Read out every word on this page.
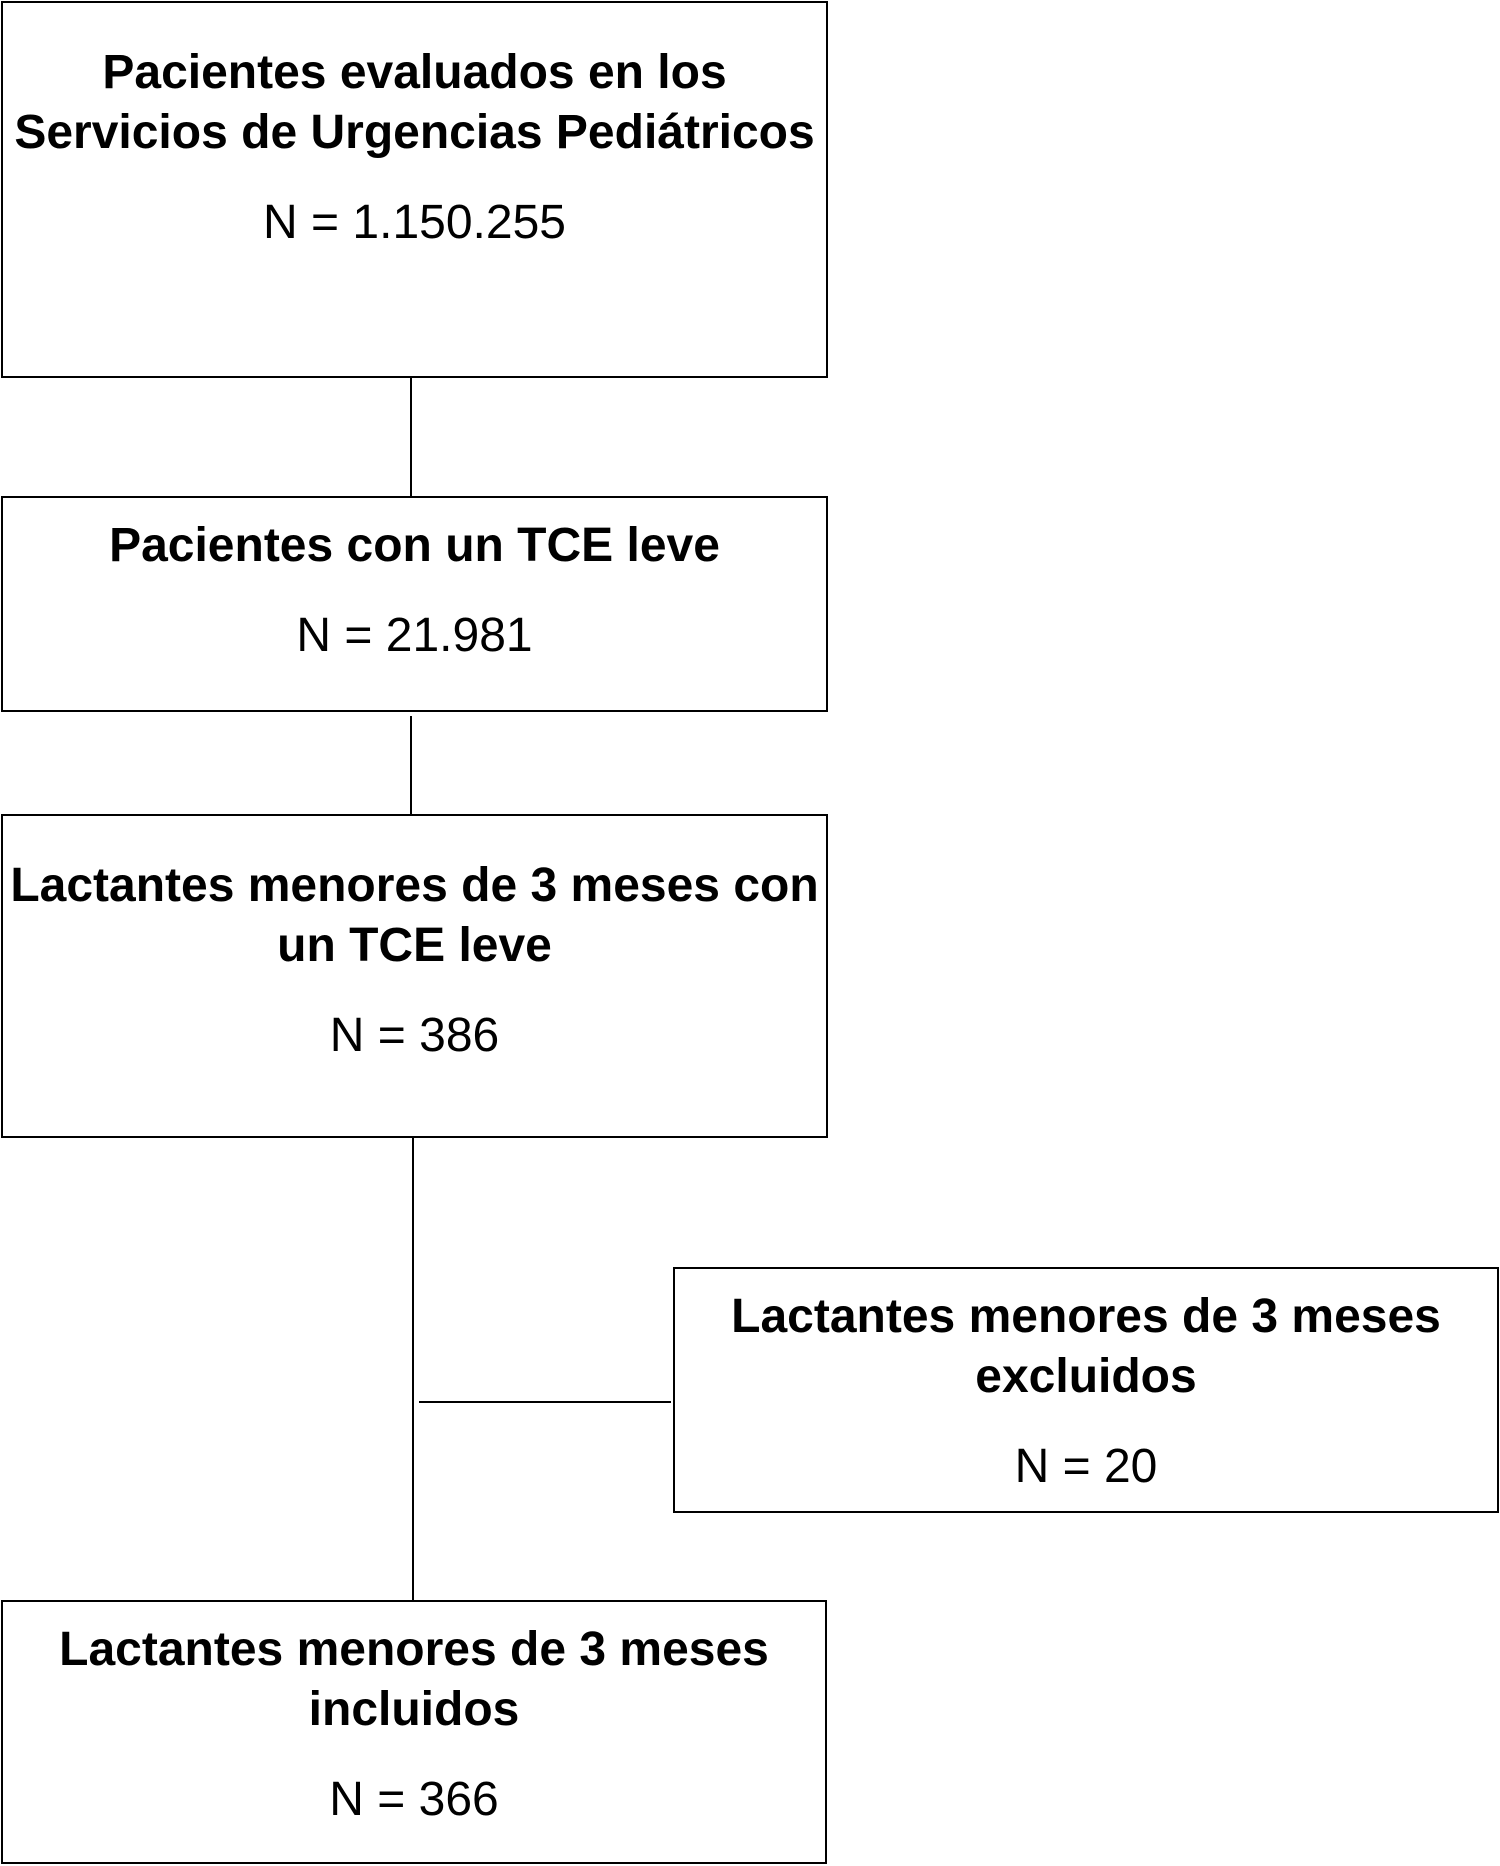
Pacientes evaluados en los Servicios de Urgencias Pediátricos
N = 1.150.255
Pacientes con un TCE leve
N = 21.981
Lactantes menores de 3 meses con un TCE leve
N = 386
Lactantes menores de 3 meses excluidos
N = 20
Lactantes menores de 3 meses incluidos
N = 366
